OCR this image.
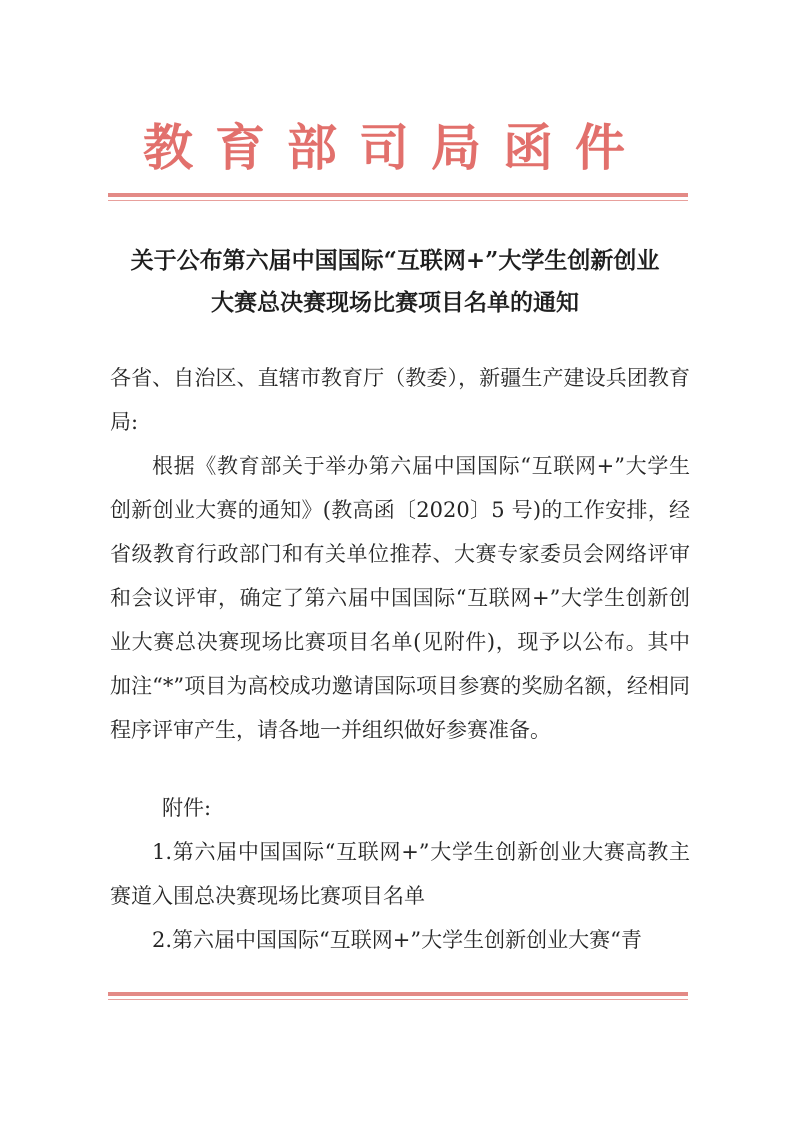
教育部司局函件
关于公布第六届中国国际“互联网+”大学生创新创业
大赛总决赛现场比赛项目名单的通知

各省、自治区、直辖市教育厅（教委），新疆生产建设兵团教育局:

根据《教育部关于举办第六届中国国际“互联网+”大学生创新创业大赛的通知》(教高函〔2020〕5 号)的工作安排，经省级教育行政部门和有关单位推荐、大赛专家委员会网络评审和会议评审，确定了第六届中国国际“互联网+”大学生创新创业大赛总决赛现场比赛项目名单(见附件)，现予以公布。其中加注“*”项目为高校成功邀请国际项目参赛的奖励名额，经相同程序评审产生，请各地一并组织做好参赛准备。

附件:

1.第六届中国国际“互联网+”大学生创新创业大赛高教主赛道入围总决赛现场比赛项目名单

2.第六届中国国际“互联网+”大学生创新创业大赛“青
